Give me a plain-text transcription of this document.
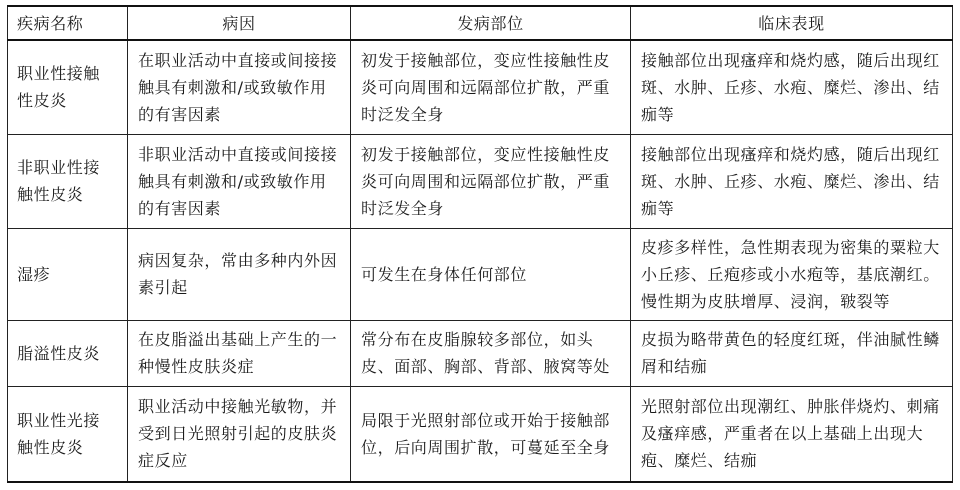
疾病名称	病因	发病部位	临床表现
职业性接触性皮炎	在职业活动中直接或间接接触具有刺激和/或致敏作用的有害因素	初发于接触部位，变应性接触性皮炎可向周围和远隔部位扩散，严重时泛发全身	接触部位出现瘙痒和烧灼感，随后出现红斑、水肿、丘疹、水疱、糜烂、渗出、结痂等
非职业性接触性皮炎	非职业活动中直接或间接接触具有刺激和/或致敏作用的有害因素	初发于接触部位，变应性接触性皮炎可向周围和远隔部位扩散，严重时泛发全身	接触部位出现瘙痒和烧灼感，随后出现红斑、水肿、丘疹、水疱、糜烂、渗出、结痂等
湿疹	病因复杂，常由多种内外因素引起	可发生在身体任何部位	皮疹多样性，急性期表现为密集的粟粒大小丘疹、丘疱疹或小水疱等，基底潮红。慢性期为皮肤增厚、浸润，皲裂等
脂溢性皮炎	在皮脂溢出基础上产生的一种慢性皮肤炎症	常分布在皮脂腺较多部位，如头皮、面部、胸部、背部、腋窝等处	皮损为略带黄色的轻度红斑，伴油腻性鳞屑和结痂
职业性光接触性皮炎	职业活动中接触光敏物，并受到日光照射引起的皮肤炎症反应	局限于光照射部位或开始于接触部位，后向周围扩散，可蔓延至全身	光照射部位出现潮红、肿胀伴烧灼、刺痛及瘙痒感，严重者在以上基础上出现大疱、糜烂、结痂
